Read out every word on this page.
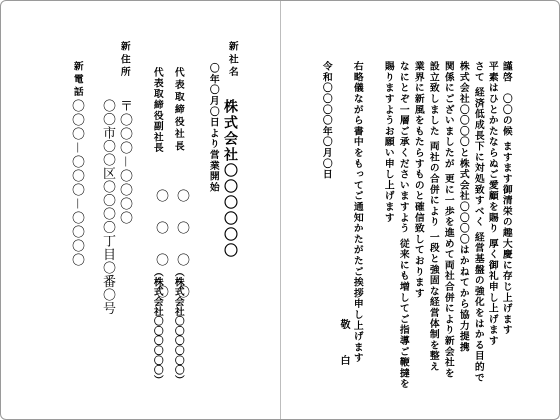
謹啓　〇〇の候 ますます御清栄の趣大慶に存じ上げます
平素はひとかたならぬご愛顧を賜り 厚く御礼申し上げます
さて 経済低成長下に対処致すべく 経営基盤の強化をはかる目的で
株式会社〇〇〇〇と株式会社〇〇〇〇はかねてから協力提携
関係にございましたが 更に一歩を進めて両社合併により新会社を
設立致しました 両社の合併により 一段と強固な経営体制を整え
業界に新風をもたらすものと確信致しております
なにとぞ一層ご承くださいますよう 従来にも増してご指導ご鞭撻を
賜りますようお願い申し上げます
右略儀ながら書中をもってご通知かたがたご挨拶申し上げます
敬　白
令和〇〇〇〇年〇月〇日
新社名
株式会社〇〇〇〇〇〇
〇年〇月〇日より営業開始
代表取締役社長
〇　〇　〇　〇
（株式会社〇〇〇〇〇〇）
代表取締役副社長
〇　〇　〇　〇
（株式会社〇〇〇〇〇〇）
新住所
〒〇〇〇－〇〇〇〇
〇〇市〇〇区〇〇〇〇丁目〇番〇号
新電話
〇〇〇－〇〇〇－〇〇〇〇
